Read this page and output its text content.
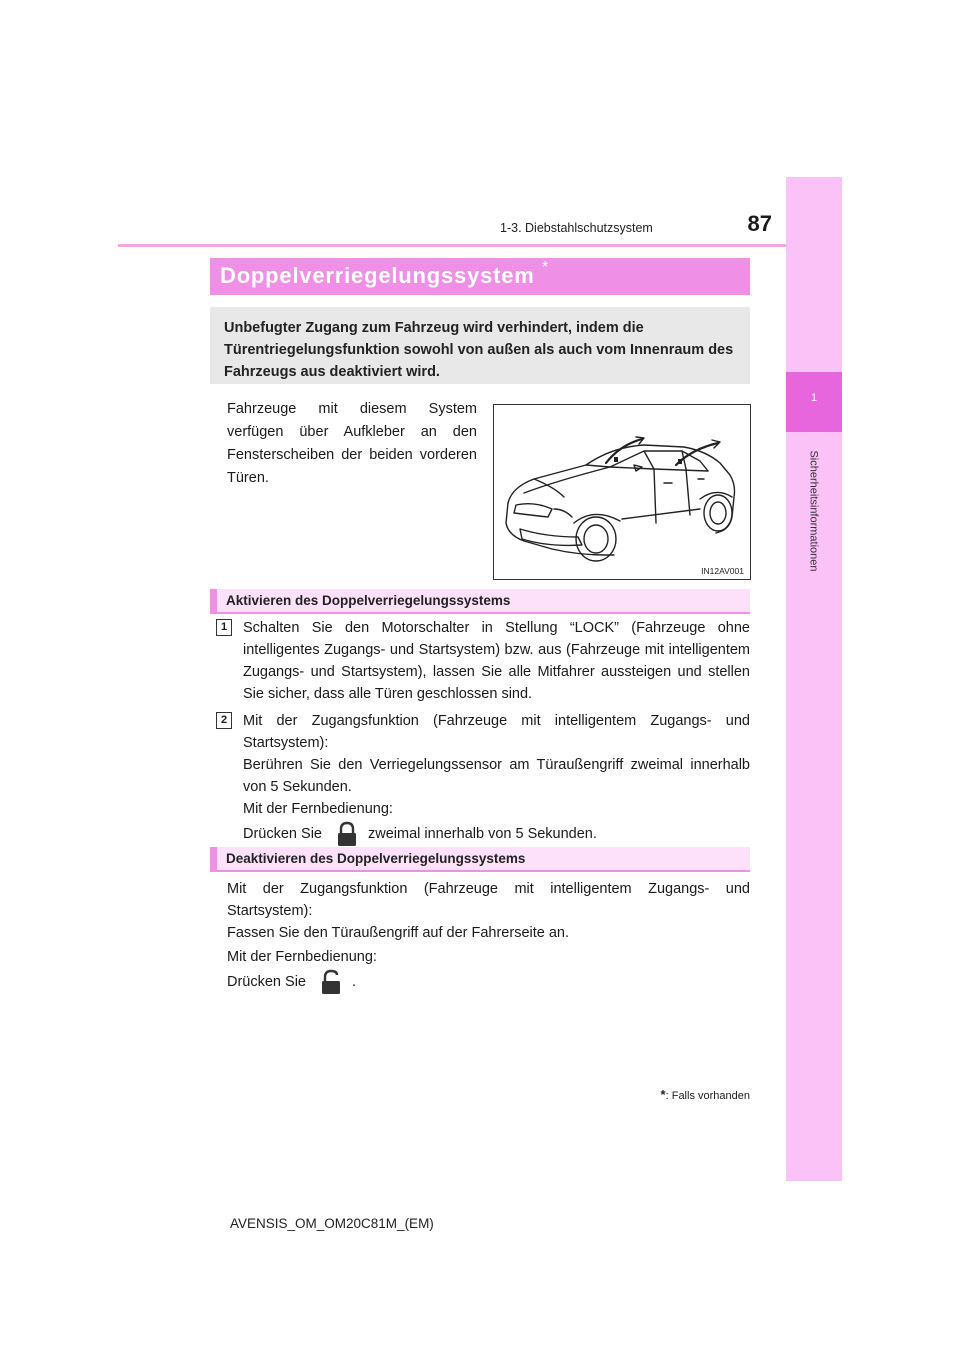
1-3. Diebstahlschutzsystem	87
1
Sicherheitsinformationen
Doppelverriegelungssystem *
Unbefugter Zugang zum Fahrzeug wird verhindert, indem die Türentriegelungsfunktion sowohl von außen als auch vom Innenraum des Fahrzeugs aus deaktiviert wird.
Fahrzeuge mit diesem System verfügen über Aufkleber an den Fensterscheiben der beiden vorderen Türen.
IN12AV001
Aktivieren des Doppelverriegelungssystems
1	Schalten Sie den Motorschalter in Stellung “LOCK” (Fahrzeuge ohne intelligentes Zugangs- und Startsystem) bzw. aus (Fahrzeuge mit intelligentem Zugangs- und Startsystem), lassen Sie alle Mitfahrer aussteigen und stellen Sie sicher, dass alle Türen geschlossen sind.
2	Mit der Zugangsfunktion (Fahrzeuge mit intelligentem Zugangs- und Startsystem):
Berühren Sie den Verriegelungssensor am Türaußengriff zweimal innerhalb von 5 Sekunden.
Mit der Fernbedienung:
Drücken Sie	zweimal innerhalb von 5 Sekunden.
Deaktivieren des Doppelverriegelungssystems
Mit der Zugangsfunktion (Fahrzeuge mit intelligentem Zugangs- und Startsystem):
Fassen Sie den Türaußengriff auf der Fahrerseite an.
Mit der Fernbedienung:
Drücken Sie	.
*: Falls vorhanden
AVENSIS_OM_OM20C81M_(EM)
